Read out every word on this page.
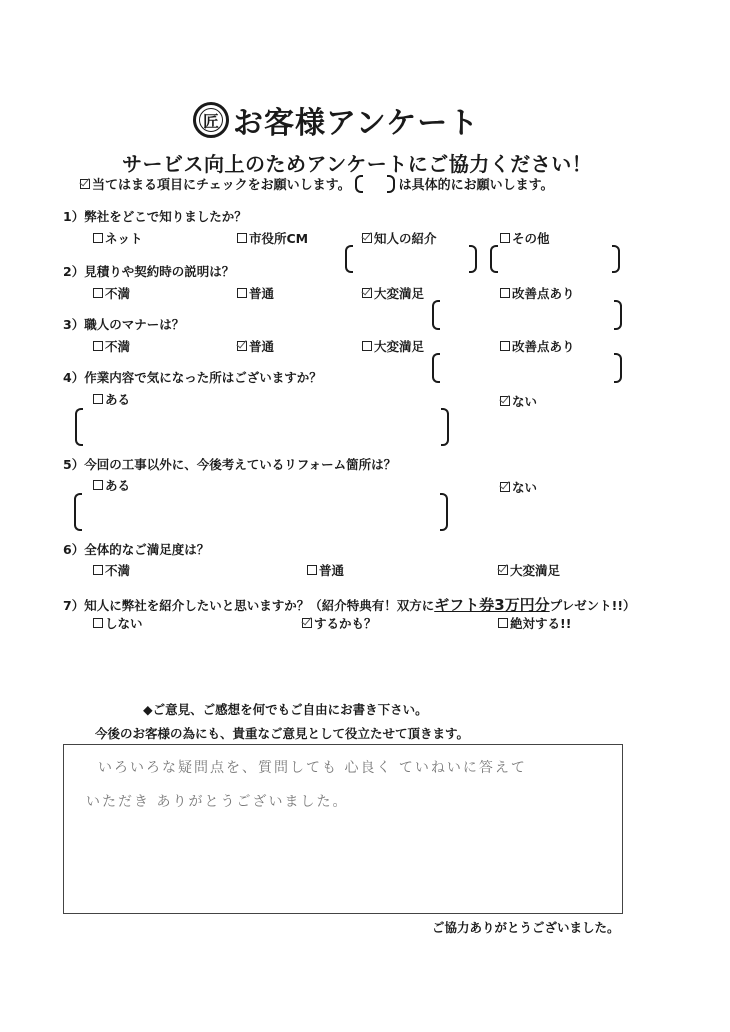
匠 お客様アンケート
サービス向上のためアンケートにご協力ください！
当てはまる項目にチェックをお願いします。	は具体的にお願いします。
1）弊社をどこで知りましたか？
ネット	市役所CM	知人の紹介	その他
2）見積りや契約時の説明は？
不満	普通	大変満足	改善点あり
3）職人のマナーは？
不満	普通	大変満足	改善点あり
4）作業内容で気になった所はございますか？
ある	ない
5）今回の工事以外に、今後考えているリフォーム箇所は？
ある	ない
6）全体的なご満足度は？
不満	普通	大変満足
7）知人に弊社を紹介したいと思いますか？（紹介特典有！双方にギフト券3万円分プレゼント!!）
しない	するかも？	絶対する!!
◆ご意見、ご感想を何でもご自由にお書き下さい。
今後のお客様の為にも、貴重なご意見として役立たせて頂きます。
いろいろな疑問点を、質問しても 心良く ていねいに答えて
いただき ありがとうございました。
ご協力ありがとうございました。
